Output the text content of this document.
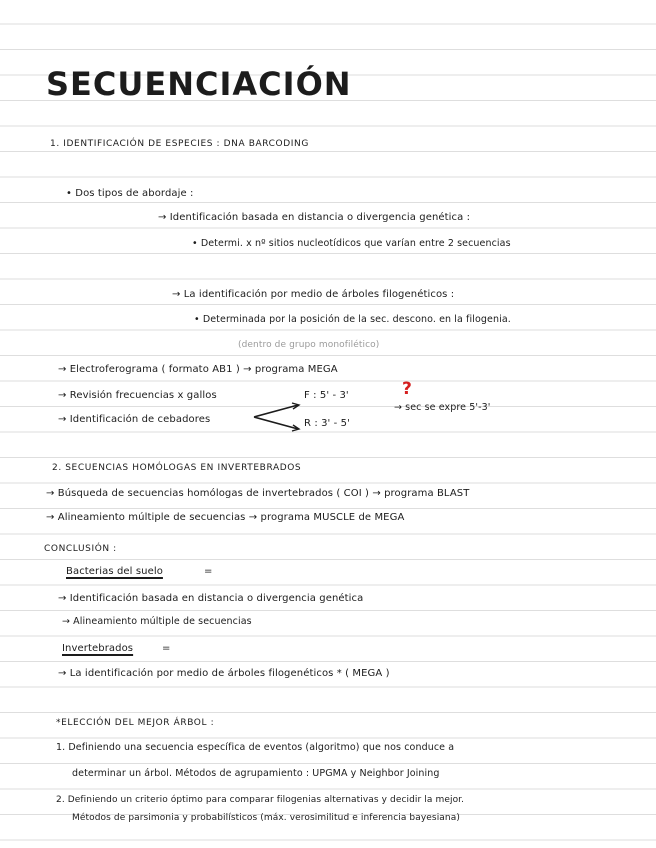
SECUENCIACIÓN
1. IDENTIFICACIÓN DE ESPECIES : DNA BARCODING
• Dos tipos de abordaje :
→ Identificación basada en distancia o divergencia genética :
• Determi. x nº sitios nucleotídicos que varían entre 2 secuencias
→ La identificación por medio de árboles filogenéticos :
• Determinada por la posición de la sec. descono. en la filogenia.
(dentro de grupo monofilético)
→ Electroferograma ( formato AB1 ) → programa MEGA
→ Revisión frecuencias x gallos
→ Identificación de cebadores
F : 5' - 3'
R : 3' - 5'
?
→ sec se expre 5'-3'
2. SECUENCIAS HOMÓLOGAS EN INVERTEBRADOS
→ Búsqueda de secuencias homólogas de invertebrados ( COI ) → programa BLAST
→ Alineamiento múltiple de secuencias → programa MUSCLE de MEGA
CONCLUSIÓN :
Bacterias del suelo	=
→ Identificación basada en distancia o divergencia genética
→ Alineamiento múltiple de secuencias
Invertebrados	=
→ La identificación por medio de árboles filogenéticos * ( MEGA )
*ELECCIÓN DEL MEJOR ÁRBOL :
1. Definiendo una secuencia específica de eventos (algoritmo) que nos conduce a
determinar un árbol. Métodos de agrupamiento : UPGMA y Neighbor Joining
2. Definiendo un criterio óptimo para comparar filogenias alternativas y decidir la mejor.
Métodos de parsimonia y probabilísticos (máx. verosimilitud e inferencia bayesiana)
